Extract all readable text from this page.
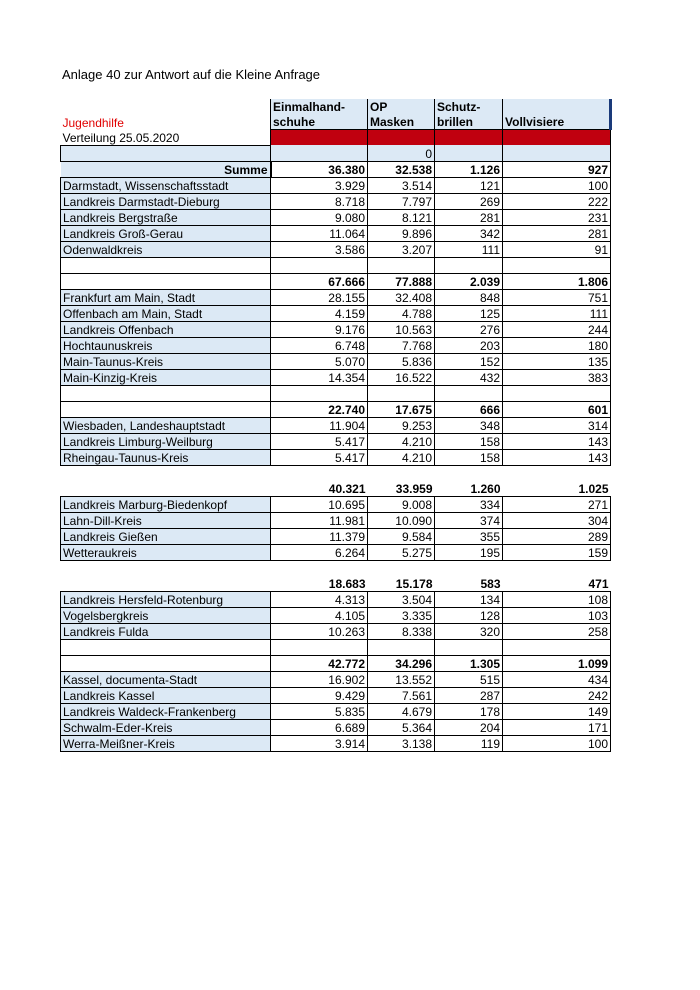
Anlage 40 zur Antwort auf die Kleine Anfrage
	Einmalhand-	OP	Schutz-	
Jugendhilfe	schuhe	Masken	brillen	Vollvisiere
Verteilung 25.05.2020				
		0		
Summe	36.380	32.538	1.126	927
Darmstadt, Wissenschaftsstadt	3.929	3.514	121	100
Landkreis Darmstadt-Dieburg	8.718	7.797	269	222
Landkreis Bergstraße	9.080	8.121	281	231
Landkreis Groß-Gerau	11.064	9.896	342	281
Odenwaldkreis	3.586	3.207	111	91

	67.666	77.888	2.039	1.806
Frankfurt am Main, Stadt	28.155	32.408	848	751
Offenbach am Main, Stadt	4.159	4.788	125	111
Landkreis Offenbach	9.176	10.563	276	244
Hochtaunuskreis	6.748	7.768	203	180
Main-Taunus-Kreis	5.070	5.836	152	135
Main-Kinzig-Kreis	14.354	16.522	432	383

	22.740	17.675	666	601
Wiesbaden, Landeshauptstadt	11.904	9.253	348	314
Landkreis Limburg-Weilburg	5.417	4.210	158	143
Rheingau-Taunus-Kreis	5.417	4.210	158	143

	40.321	33.959	1.260	1.025
Landkreis Marburg-Biedenkopf	10.695	9.008	334	271
Lahn-Dill-Kreis	11.981	10.090	374	304
Landkreis Gießen	11.379	9.584	355	289
Wetteraukreis	6.264	5.275	195	159

	18.683	15.178	583	471
Landkreis Hersfeld-Rotenburg	4.313	3.504	134	108
Vogelsbergkreis	4.105	3.335	128	103
Landkreis Fulda	10.263	8.338	320	258

	42.772	34.296	1.305	1.099
Kassel, documenta-Stadt	16.902	13.552	515	434
Landkreis Kassel	9.429	7.561	287	242
Landkreis Waldeck-Frankenberg	5.835	4.679	178	149
Schwalm-Eder-Kreis	6.689	5.364	204	171
Werra-Meißner-Kreis	3.914	3.138	119	100
